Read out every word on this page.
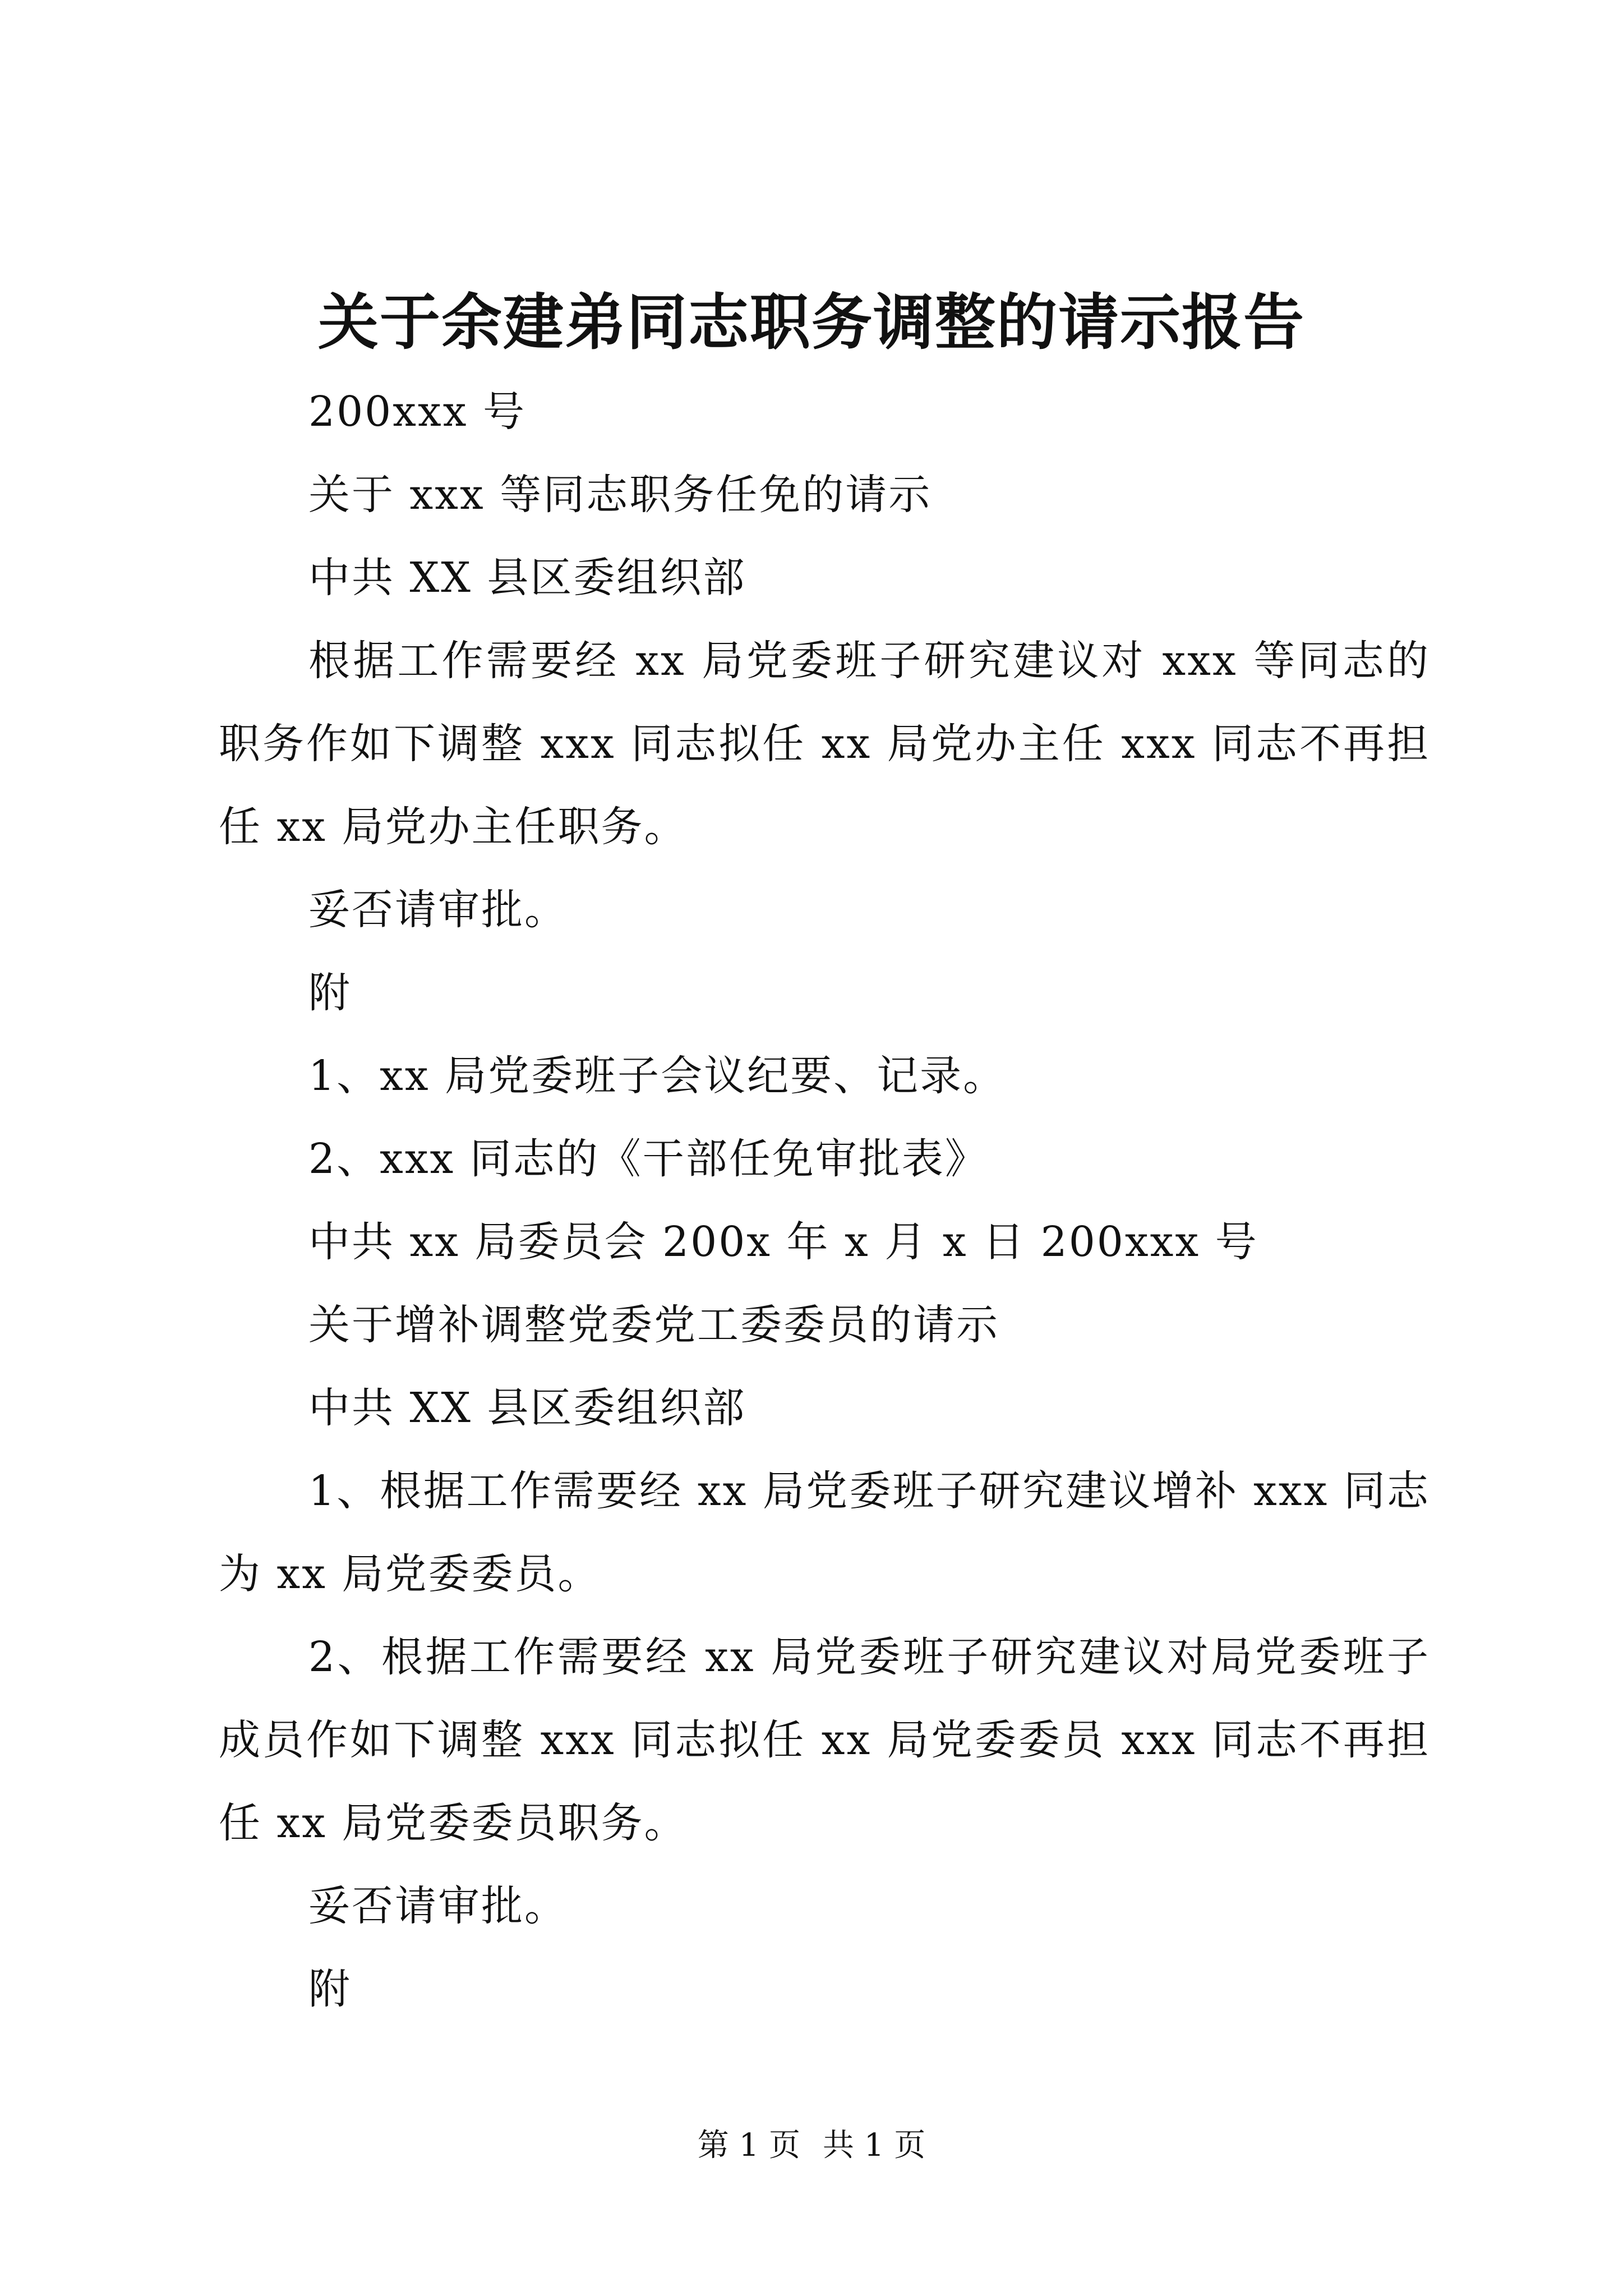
关于余建弟同志职务调整的请示报告

200xxx 号

关于 xxx 等同志职务任免的请示

中共 XX 县区委组织部

根据工作需要经 xx 局党委班子研究建议对 xxx 等同志的职务作如下调整 xxx 同志拟任 xx 局党办主任 xxx 同志不再担任 xx 局党办主任职务。

妥否请审批。

附

1、xx 局党委班子会议纪要、记录。

2、xxx 同志的《干部任免审批表》

中共 xx 局委员会 200x 年 x 月 x 日 200xxx 号

关于增补调整党委党工委委员的请示

中共 XX 县区委组织部

1、根据工作需要经 xx 局党委班子研究建议增补 xxx 同志为 xx 局党委委员。

2、根据工作需要经 xx 局党委班子研究建议对局党委班子成员作如下调整 xxx 同志拟任 xx 局党委委员 xxx 同志不再担任 xx 局党委委员职务。

妥否请审批。

附

第 1 页 共 1 页
